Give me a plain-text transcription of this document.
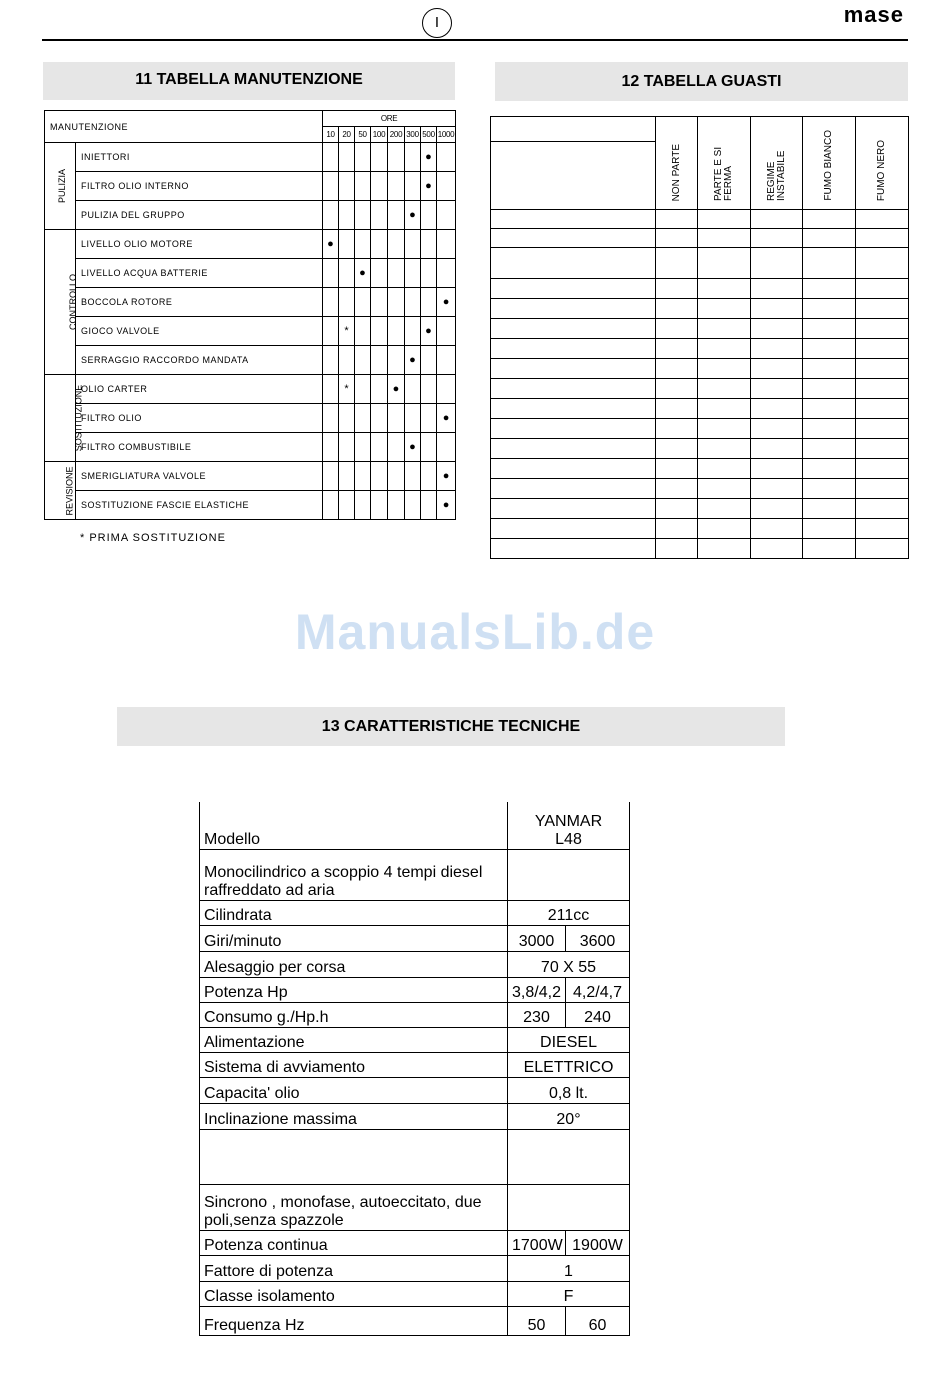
I	mase
11 TABELLA MANUTENZIONE	12 TABELLA GUASTI
MANUTENZIONE		ORE							
		10	20	50	100	200	300	500	1000
PULIZIA	INIETTORI							●	
	FILTRO OLIO INTERNO							●	
	PULIZIA DEL GRUPPO						●		
CONTROLLO	LIVELLO OLIO MOTORE	●							
	LIVELLO ACQUA BATTERIE			●					
	BOCCOLA ROTORE								●
	GIOCO VALVOLE		*					●	
	SERRAGGIO RACCORDO MANDATA						●		
SOSTITUZIONE	OLIO CARTER		*			●			
	FILTRO OLIO								●
	FILTRO COMBUSTIBILE						●		
REVISIONE	SMERIGLIATURA VALVOLE								●
	SOSTITUZIONE FASCIE ELASTICHE								●
* PRIMA SOSTITUZIONE
	NON PARTE	PARTE E SI FERMA	REGIME INSTABILE	FUMO BIANCO	FUMO NERO

ManualsLib.de
13 CARATTERISTICHE TECNICHE
Modello	YANMAR
L48	
Monocilindrico a scoppio 4 tempi diesel raffreddato ad aria		
Cilindrata	211cc	
Giri/minuto	3000	3600
Alesaggio per corsa	70 X 55	
Potenza Hp	3,8/4,2	4,2/4,7
Consumo g./Hp.h	230	240
Alimentazione	DIESEL	
Sistema di avviamento	ELETTRICO	
Capacita' olio	0,8 lt.	
Inclinazione massima	20°	

Sincrono , monofase, autoeccitato, due poli,senza spazzole		
Potenza continua	1700W	1900W
Fattore di potenza	1	
Classe isolamento	F	
Frequenza Hz	50	60
